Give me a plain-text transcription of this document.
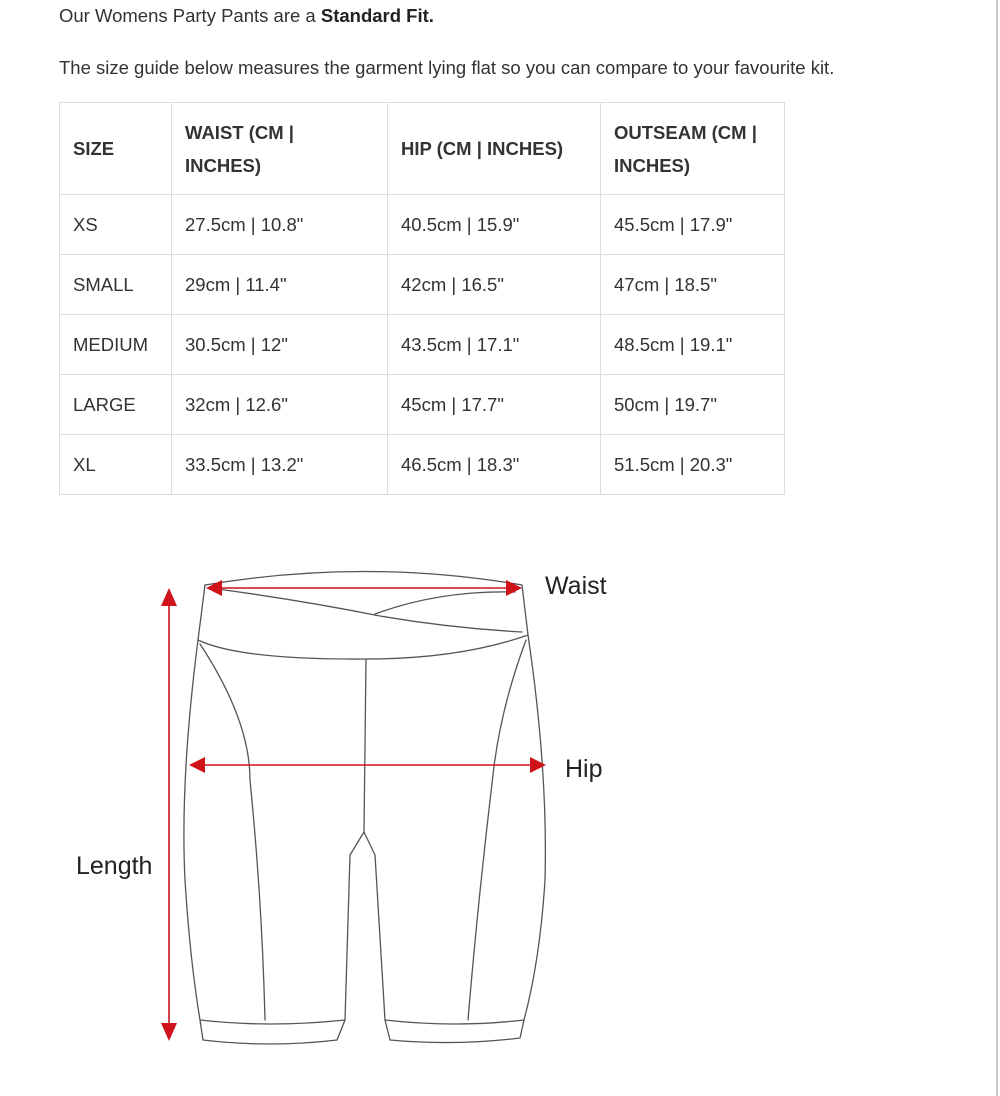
Our Womens Party Pants are a Standard Fit.

The size guide below measures the garment lying flat so you can compare to your favourite kit.

SIZE	WAIST (CM | INCHES)	HIP (CM | INCHES)	OUTSEAM (CM | INCHES)
XS	27.5cm | 10.8"	40.5cm | 15.9"	45.5cm | 17.9"
SMALL	29cm | 11.4"	42cm | 16.5"	47cm | 18.5"
MEDIUM	30.5cm | 12"	43.5cm | 17.1"	48.5cm | 19.1"
LARGE	32cm | 12.6"	45cm | 17.7"	50cm | 19.7"
XL	33.5cm | 13.2"	46.5cm | 18.3"	51.5cm | 20.3"
Waist
Hip
Length
